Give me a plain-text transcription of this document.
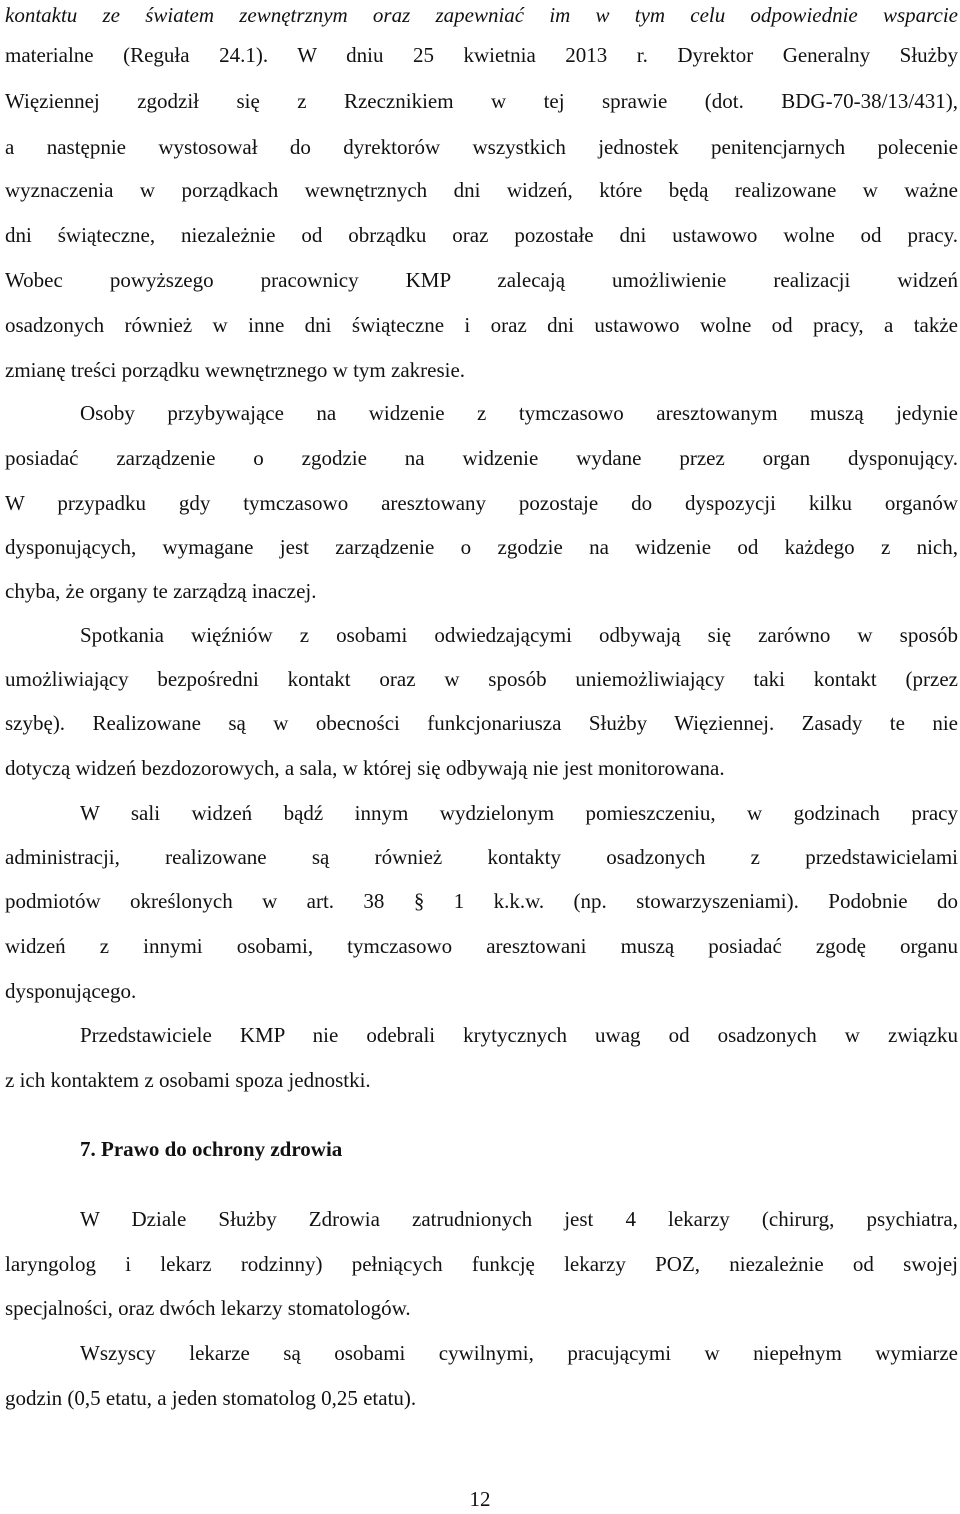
kontaktu ze światem zewnętrznym oraz zapewniać im w tym celu odpowiednie wsparcie
materialne (Reguła 24.1). W dniu 25 kwietnia 2013 r. Dyrektor Generalny Służby
Więziennej zgodził się z Rzecznikiem w tej sprawie (dot. BDG-70-38/13/431),
a następnie wystosował do dyrektorów wszystkich jednostek penitencjarnych polecenie
wyznaczenia w porządkach wewnętrznych dni widzeń, które będą realizowane w ważne
dni świąteczne, niezależnie od obrządku oraz pozostałe dni ustawowo wolne od pracy.
Wobec powyższego pracownicy KMP zalecają umożliwienie realizacji widzeń
osadzonych również w inne dni świąteczne i oraz dni ustawowo wolne od pracy, a także
zmianę treści porządku wewnętrznego w tym zakresie.
Osoby przybywające na widzenie z tymczasowo aresztowanym muszą jedynie
posiadać zarządzenie o zgodzie na widzenie wydane przez organ dysponujący.
W przypadku gdy tymczasowo aresztowany pozostaje do dyspozycji kilku organów
dysponujących, wymagane jest zarządzenie o zgodzie na widzenie od każdego z nich,
chyba, że organy te zarządzą inaczej.
Spotkania więźniów z osobami odwiedzającymi odbywają się zarówno w sposób
umożliwiający bezpośredni kontakt oraz w sposób uniemożliwiający taki kontakt (przez
szybę). Realizowane są w obecności funkcjonariusza Służby Więziennej. Zasady te nie
dotyczą widzeń bezdozorowych, a sala, w której się odbywają nie jest monitorowana.
W sali widzeń bądź innym wydzielonym pomieszczeniu, w godzinach pracy
administracji, realizowane są również kontakty osadzonych z przedstawicielami
podmiotów określonych w art. 38 § 1 k.k.w. (np. stowarzyszeniami). Podobnie do
widzeń z innymi osobami, tymczasowo aresztowani muszą posiadać zgodę organu
dysponującego.
Przedstawiciele KMP nie odebrali krytycznych uwag od osadzonych w związku
z ich kontaktem z osobami spoza jednostki.
7. Prawo do ochrony zdrowia
W Dziale Służby Zdrowia zatrudnionych jest 4 lekarzy (chirurg, psychiatra,
laryngolog i lekarz rodzinny) pełniących funkcję lekarzy POZ, niezależnie od swojej
specjalności, oraz dwóch lekarzy stomatologów.
Wszyscy lekarze są osobami cywilnymi, pracującymi w niepełnym wymiarze
godzin (0,5 etatu, a jeden stomatolog 0,25 etatu).
12
